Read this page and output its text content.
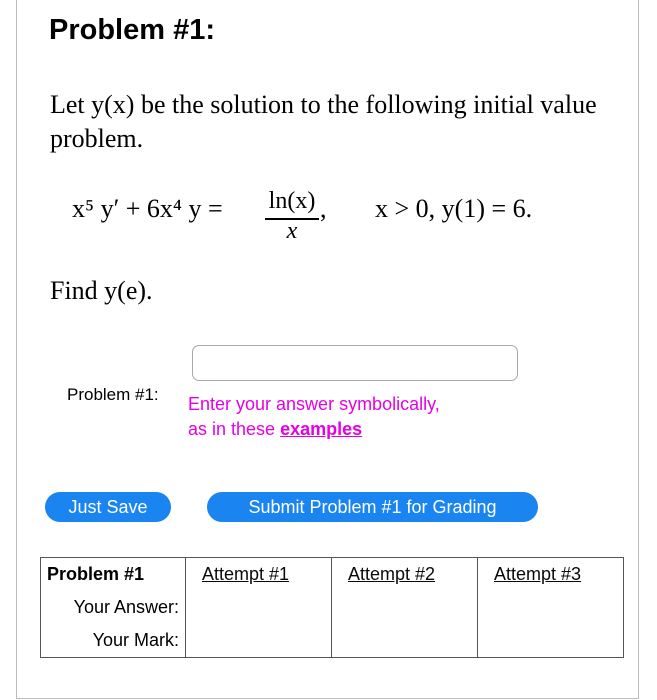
Problem #1:
Let y(x) be the solution to the following initial value problem.
x⁵ y′ + 6x⁴ y = ln(x)
x
, x > 0, y(1) = 6.
Find y(e).
Problem #1: Enter your answer symbolically,
as in these examples
Just Save	Submit Problem #1 for Grading
Problem #1	Attempt #1	Attempt #2	Attempt #3
Your Answer:			
Your Mark:			
